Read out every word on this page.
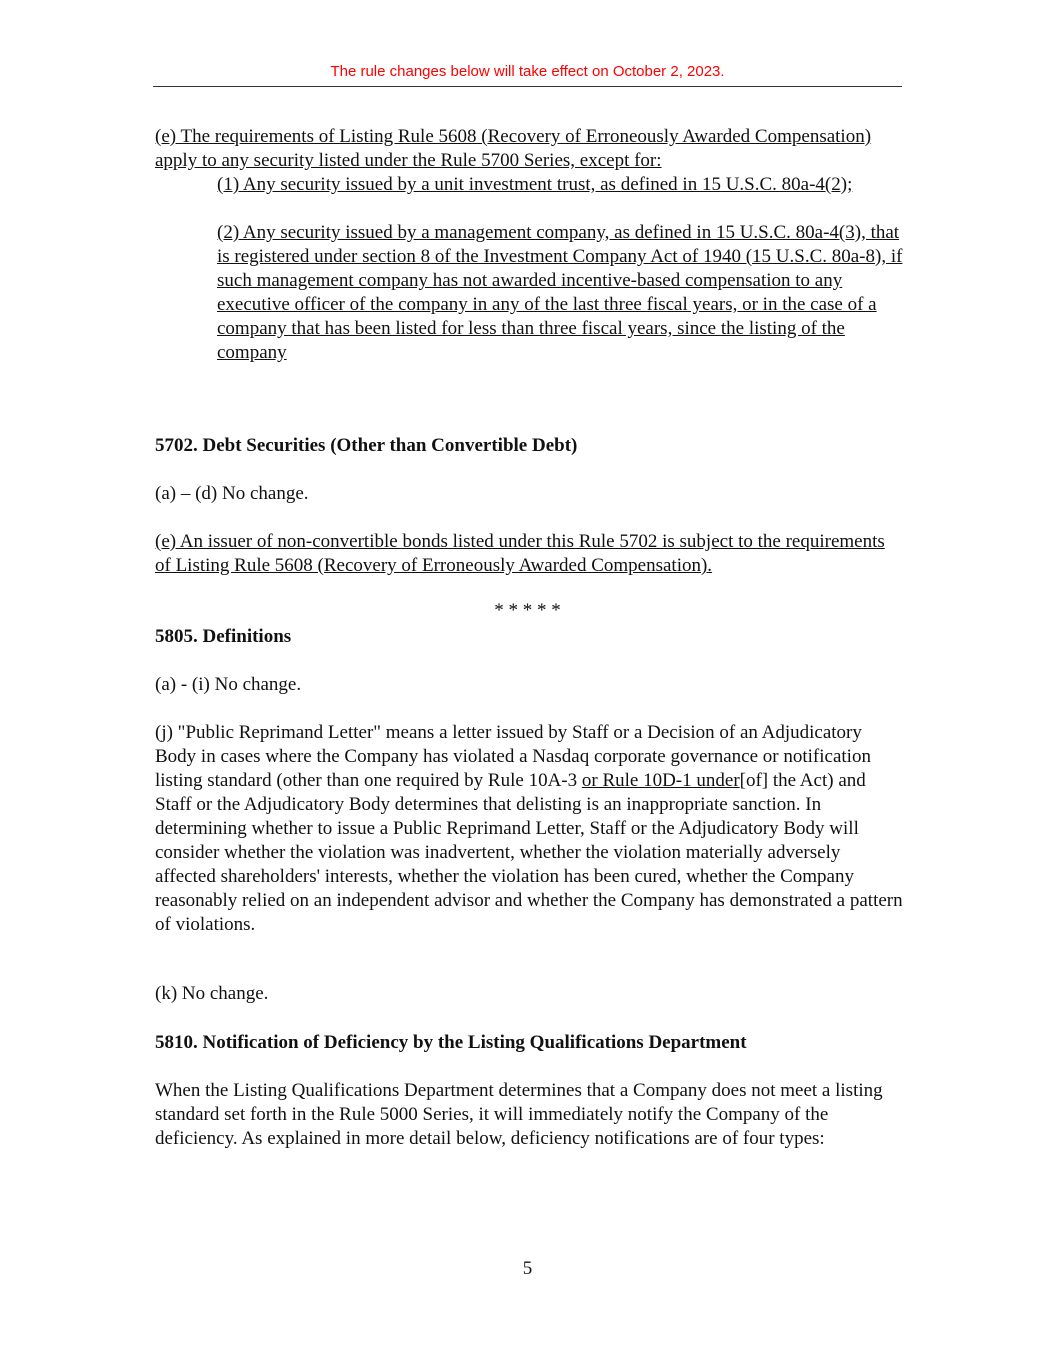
The rule changes below will take effect on October 2, 2023.

(e) The requirements of Listing Rule 5608 (Recovery of Erroneously Awarded Compensation) apply to any security listed under the Rule 5700 Series, except for:

(1) Any security issued by a unit investment trust, as defined in 15 U.S.C. 80a-4(2);

(2) Any security issued by a management company, as defined in 15 U.S.C. 80a-4(3), that is registered under section 8 of the Investment Company Act of 1940 (15 U.S.C. 80a-8), if such management company has not awarded incentive-based compensation to any executive officer of the company in any of the last three fiscal years, or in the case of a company that has been listed for less than three fiscal years, since the listing of the company

5702. Debt Securities (Other than Convertible Debt)

(a) – (d) No change.

(e) An issuer of non-convertible bonds listed under this Rule 5702 is subject to the requirements of Listing Rule 5608 (Recovery of Erroneously Awarded Compensation).

* * * * *

5805. Definitions

(a) - (i) No change.

(j) "Public Reprimand Letter" means a letter issued by Staff or a Decision of an Adjudicatory Body in cases where the Company has violated a Nasdaq corporate governance or notification listing standard (other than one required by Rule 10A-3 or Rule 10D-1 under[of] the Act) and Staff or the Adjudicatory Body determines that delisting is an inappropriate sanction. In determining whether to issue a Public Reprimand Letter, Staff or the Adjudicatory Body will consider whether the violation was inadvertent, whether the violation materially adversely affected shareholders' interests, whether the violation has been cured, whether the Company reasonably relied on an independent advisor and whether the Company has demonstrated a pattern of violations.

(k) No change.

5810. Notification of Deficiency by the Listing Qualifications Department

When the Listing Qualifications Department determines that a Company does not meet a listing standard set forth in the Rule 5000 Series, it will immediately notify the Company of the deficiency. As explained in more detail below, deficiency notifications are of four types:

5
